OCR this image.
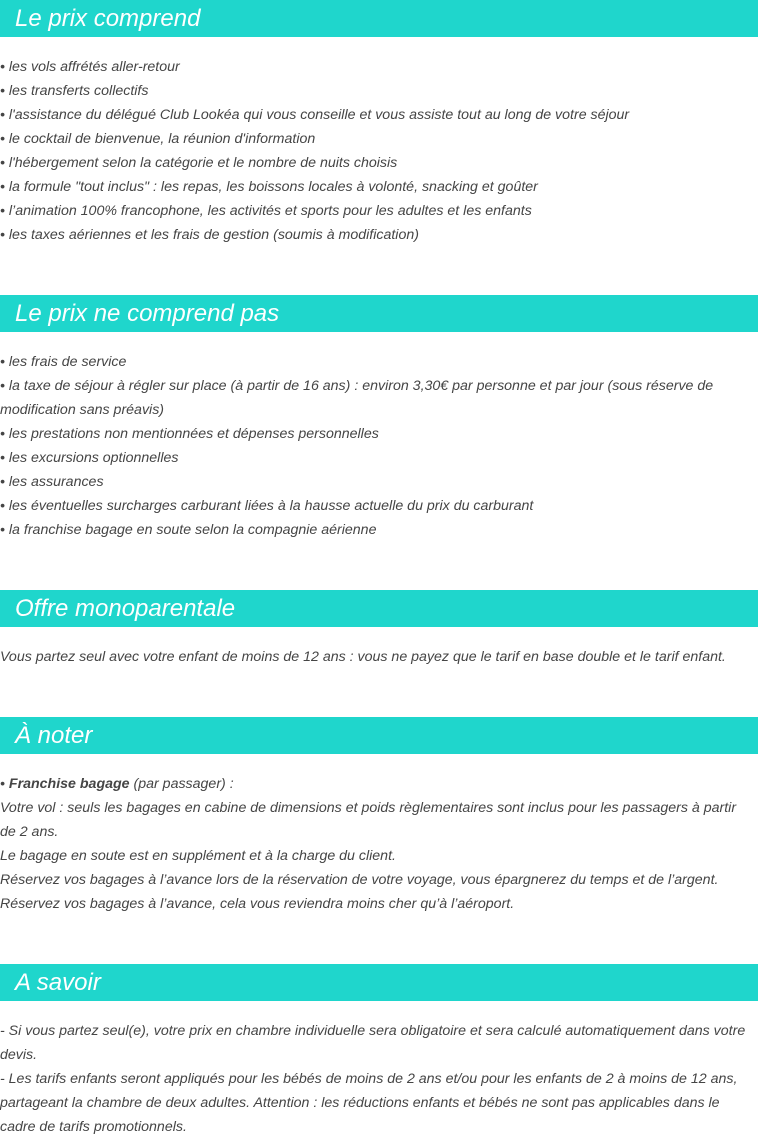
Le prix comprend
• les vols affrétés aller-retour
• les transferts collectifs
• l'assistance du délégué Club Lookéa qui vous conseille et vous assiste tout au long de votre séjour
• le cocktail de bienvenue, la réunion d'information
• l'hébergement selon la catégorie et le nombre de nuits choisis
• la formule "tout inclus" : les repas, les boissons locales à volonté, snacking et goûter
• l’animation 100% francophone, les activités et sports pour les adultes et les enfants
• les taxes aériennes et les frais de gestion (soumis à modification)
Le prix ne comprend pas
• les frais de service
• la taxe de séjour à régler sur place (à partir de 16 ans) : environ 3,30€ par personne et par jour (sous réserve de modification sans préavis)
• les prestations non mentionnées et dépenses personnelles
• les excursions optionnelles
• les assurances
• les éventuelles surcharges carburant liées à la hausse actuelle du prix du carburant
• la franchise bagage en soute selon la compagnie aérienne
Offre monoparentale
Vous partez seul avec votre enfant de moins de 12 ans : vous ne payez que le tarif en base double et le tarif enfant.
À noter
• Franchise bagage (par passager) :
Votre vol : seuls les bagages en cabine de dimensions et poids règlementaires sont inclus pour les passagers à partir de 2 ans.
Le bagage en soute est en supplément et à la charge du client.
Réservez vos bagages à l’avance lors de la réservation de votre voyage, vous épargnerez du temps et de l’argent.
Réservez vos bagages à l’avance, cela vous reviendra moins cher qu’à l’aéroport.
A savoir
- Si vous partez seul(e), votre prix en chambre individuelle sera obligatoire et sera calculé automatiquement dans votre devis.
- Les tarifs enfants seront appliqués pour les bébés de moins de 2 ans et/ou pour les enfants de 2 à moins de 12 ans, partageant la chambre de deux adultes. Attention : les réductions enfants et bébés ne sont pas applicables dans le cadre de tarifs promotionnels.
